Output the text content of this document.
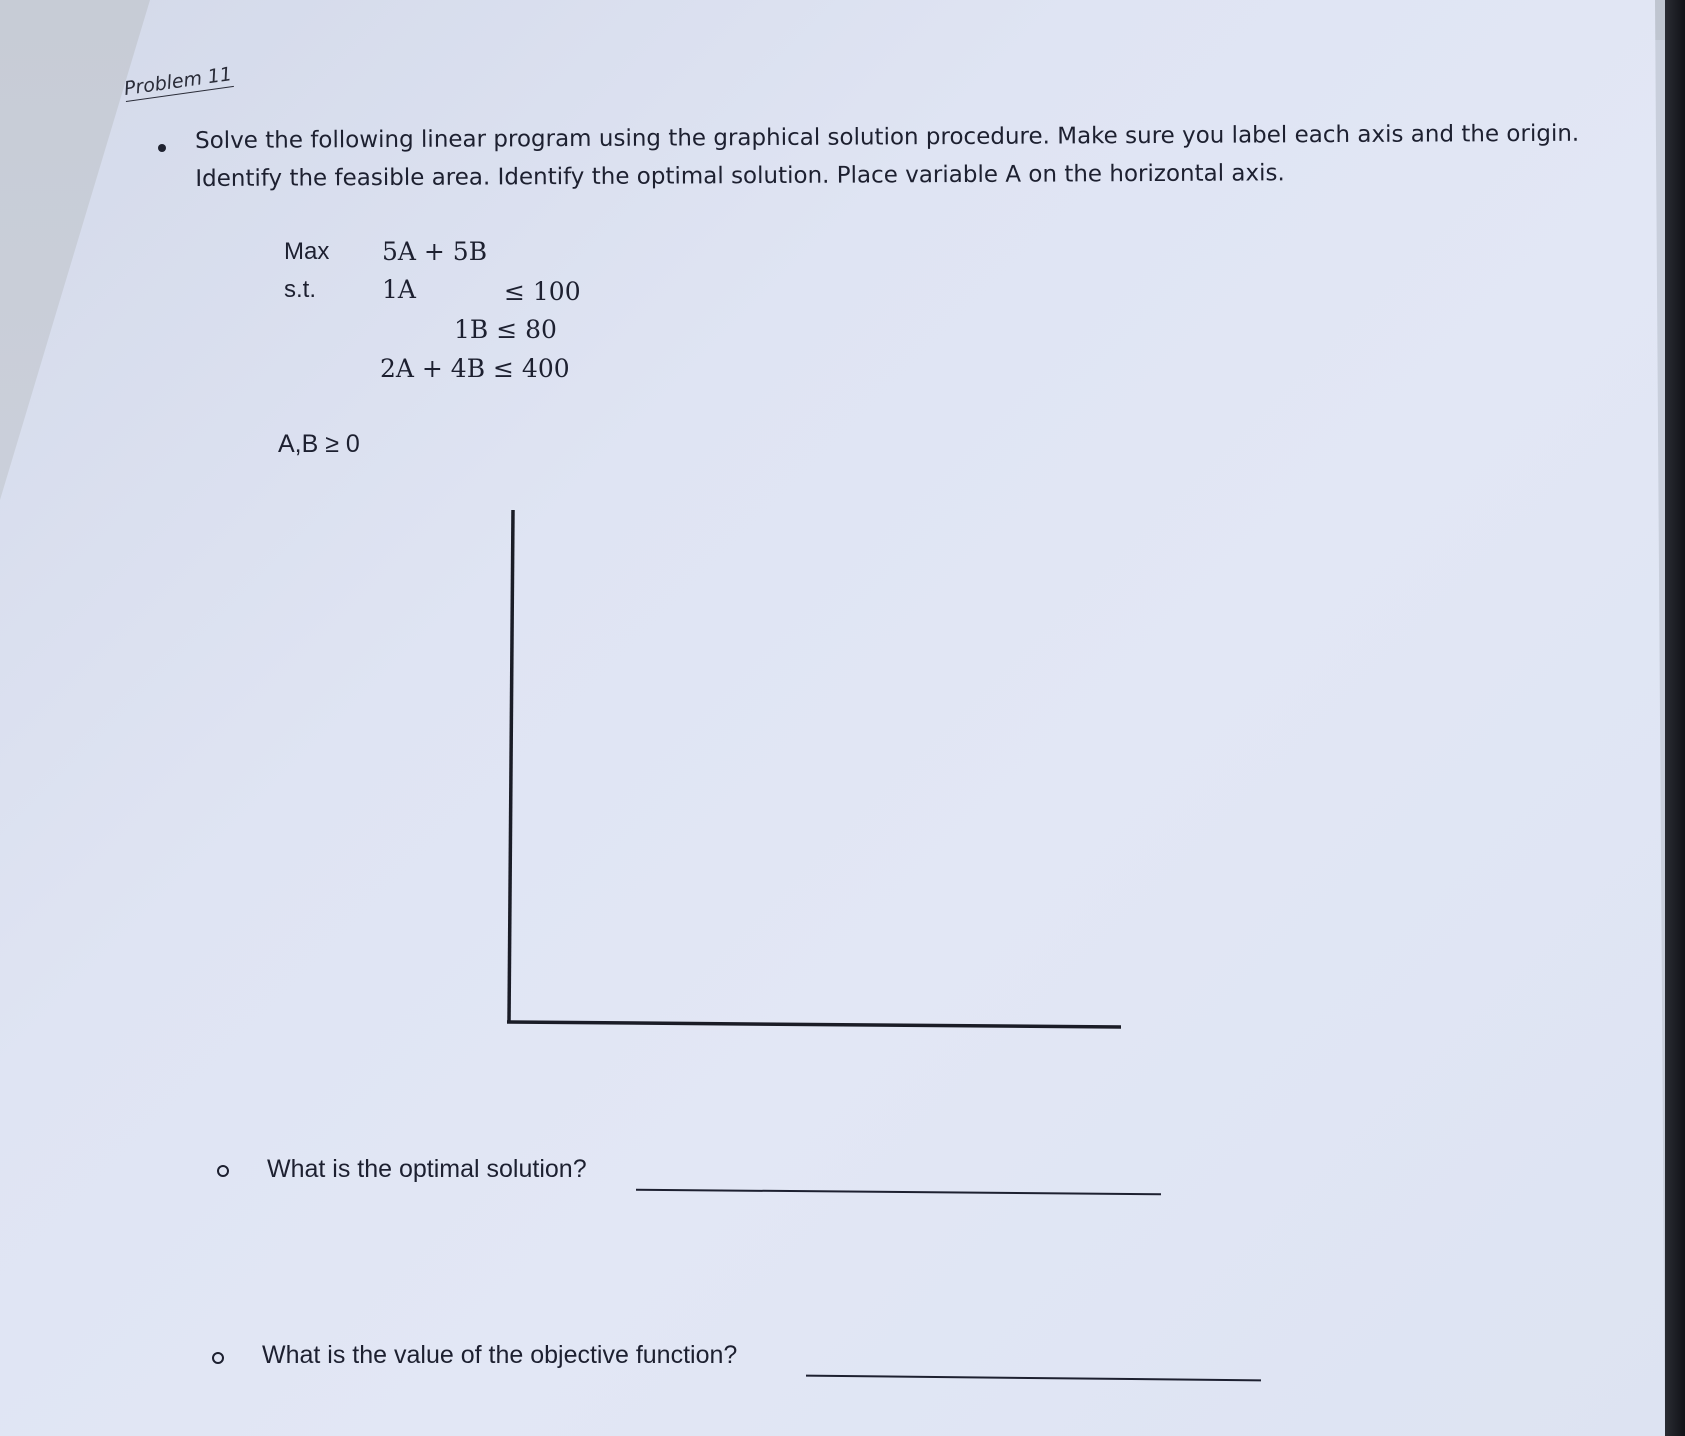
Problem 11
Solve the following linear program using the graphical solution procedure. Make sure you label each axis and the origin. Identify the feasible area. Identify the optimal solution. Place variable A on the horizontal axis.
Max 5A + 5B
s.t.	1A	≤ 100
1B ≤ 80
2A + 4B ≤ 400
A,B ≥ 0
What is the optimal solution?
What is the value of the objective function?
